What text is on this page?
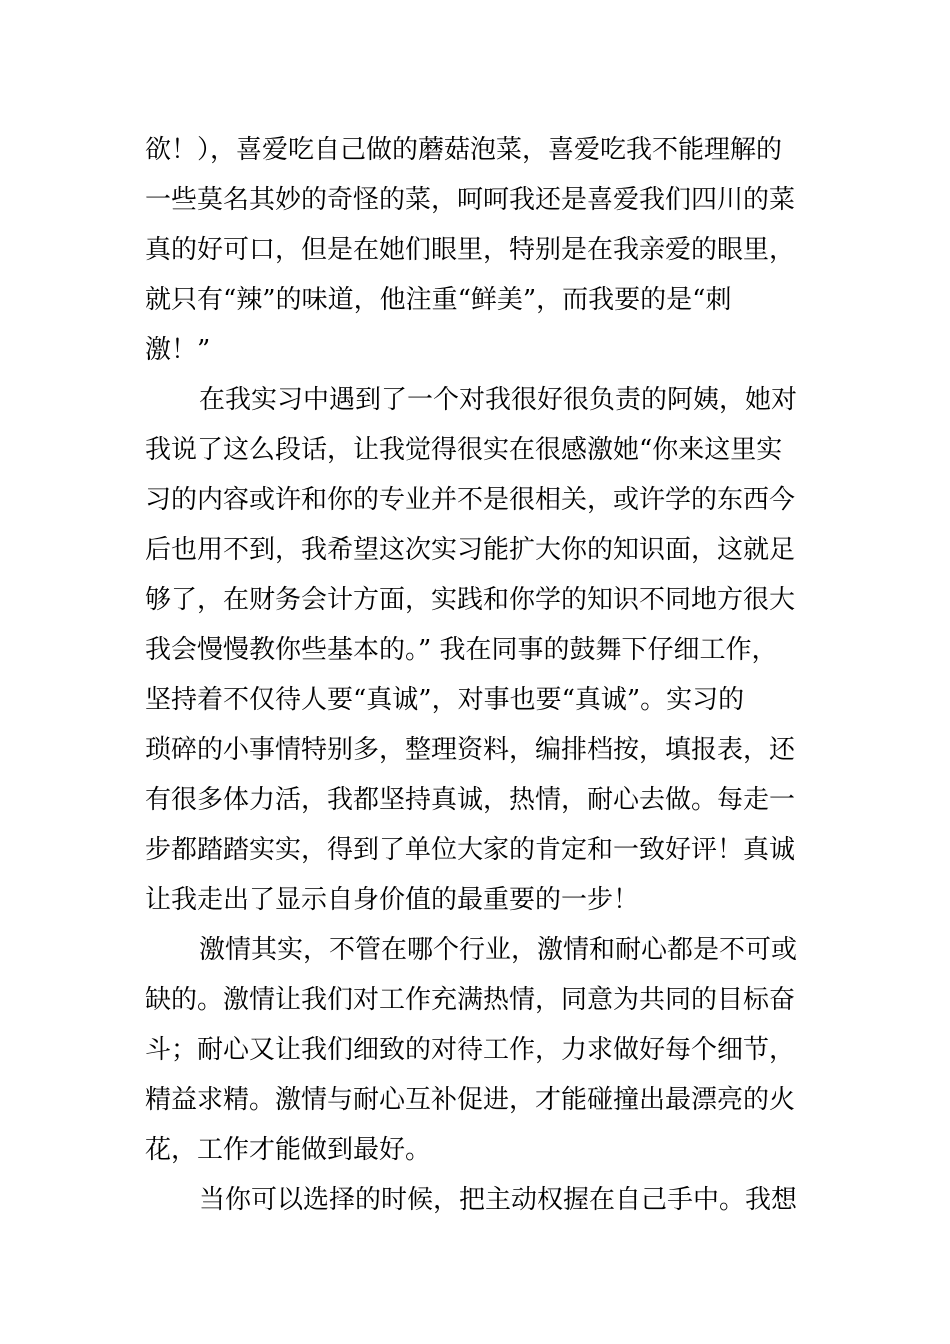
欲！），喜爱吃自己做的蘑菇泡菜，喜爱吃我不能理解的
一些莫名其妙的奇怪的菜，呵呵我还是喜爱我们四川的菜
真的好可口，但是在她们眼里，特别是在我亲爱的眼里，
就只有“辣”的味道，他注重“鲜美”，而我要的是“刺
激！”
在我实习中遇到了一个对我很好很负责的阿姨，她对
我说了这么段话，让我觉得很实在很感激她“你来这里实
习的内容或许和你的专业并不是很相关，或许学的东西今
后也用不到，我希望这次实习能扩大你的知识面，这就足
够了，在财务会计方面，实践和你学的知识不同地方很大
我会慢慢教你些基本的。” 我在同事的鼓舞下仔细工作，
坚持着不仅待人要“真诚”，对事也要“真诚”。实习的
琐碎的小事情特别多，整理资料，编排档按，填报表，还
有很多体力活，我都坚持真诚，热情，耐心去做。每走一
步都踏踏实实，得到了单位大家的肯定和一致好评！真诚
让我走出了显示自身价值的最重要的一步！
激情其实，不管在哪个行业，激情和耐心都是不可或
缺的。激情让我们对工作充满热情，同意为共同的目标奋
斗；耐心又让我们细致的对待工作，力求做好每个细节，
精益求精。激情与耐心互补促进，才能碰撞出最漂亮的火
花，工作才能做到最好。
当你可以选择的时候，把主动权握在自己手中。我想
